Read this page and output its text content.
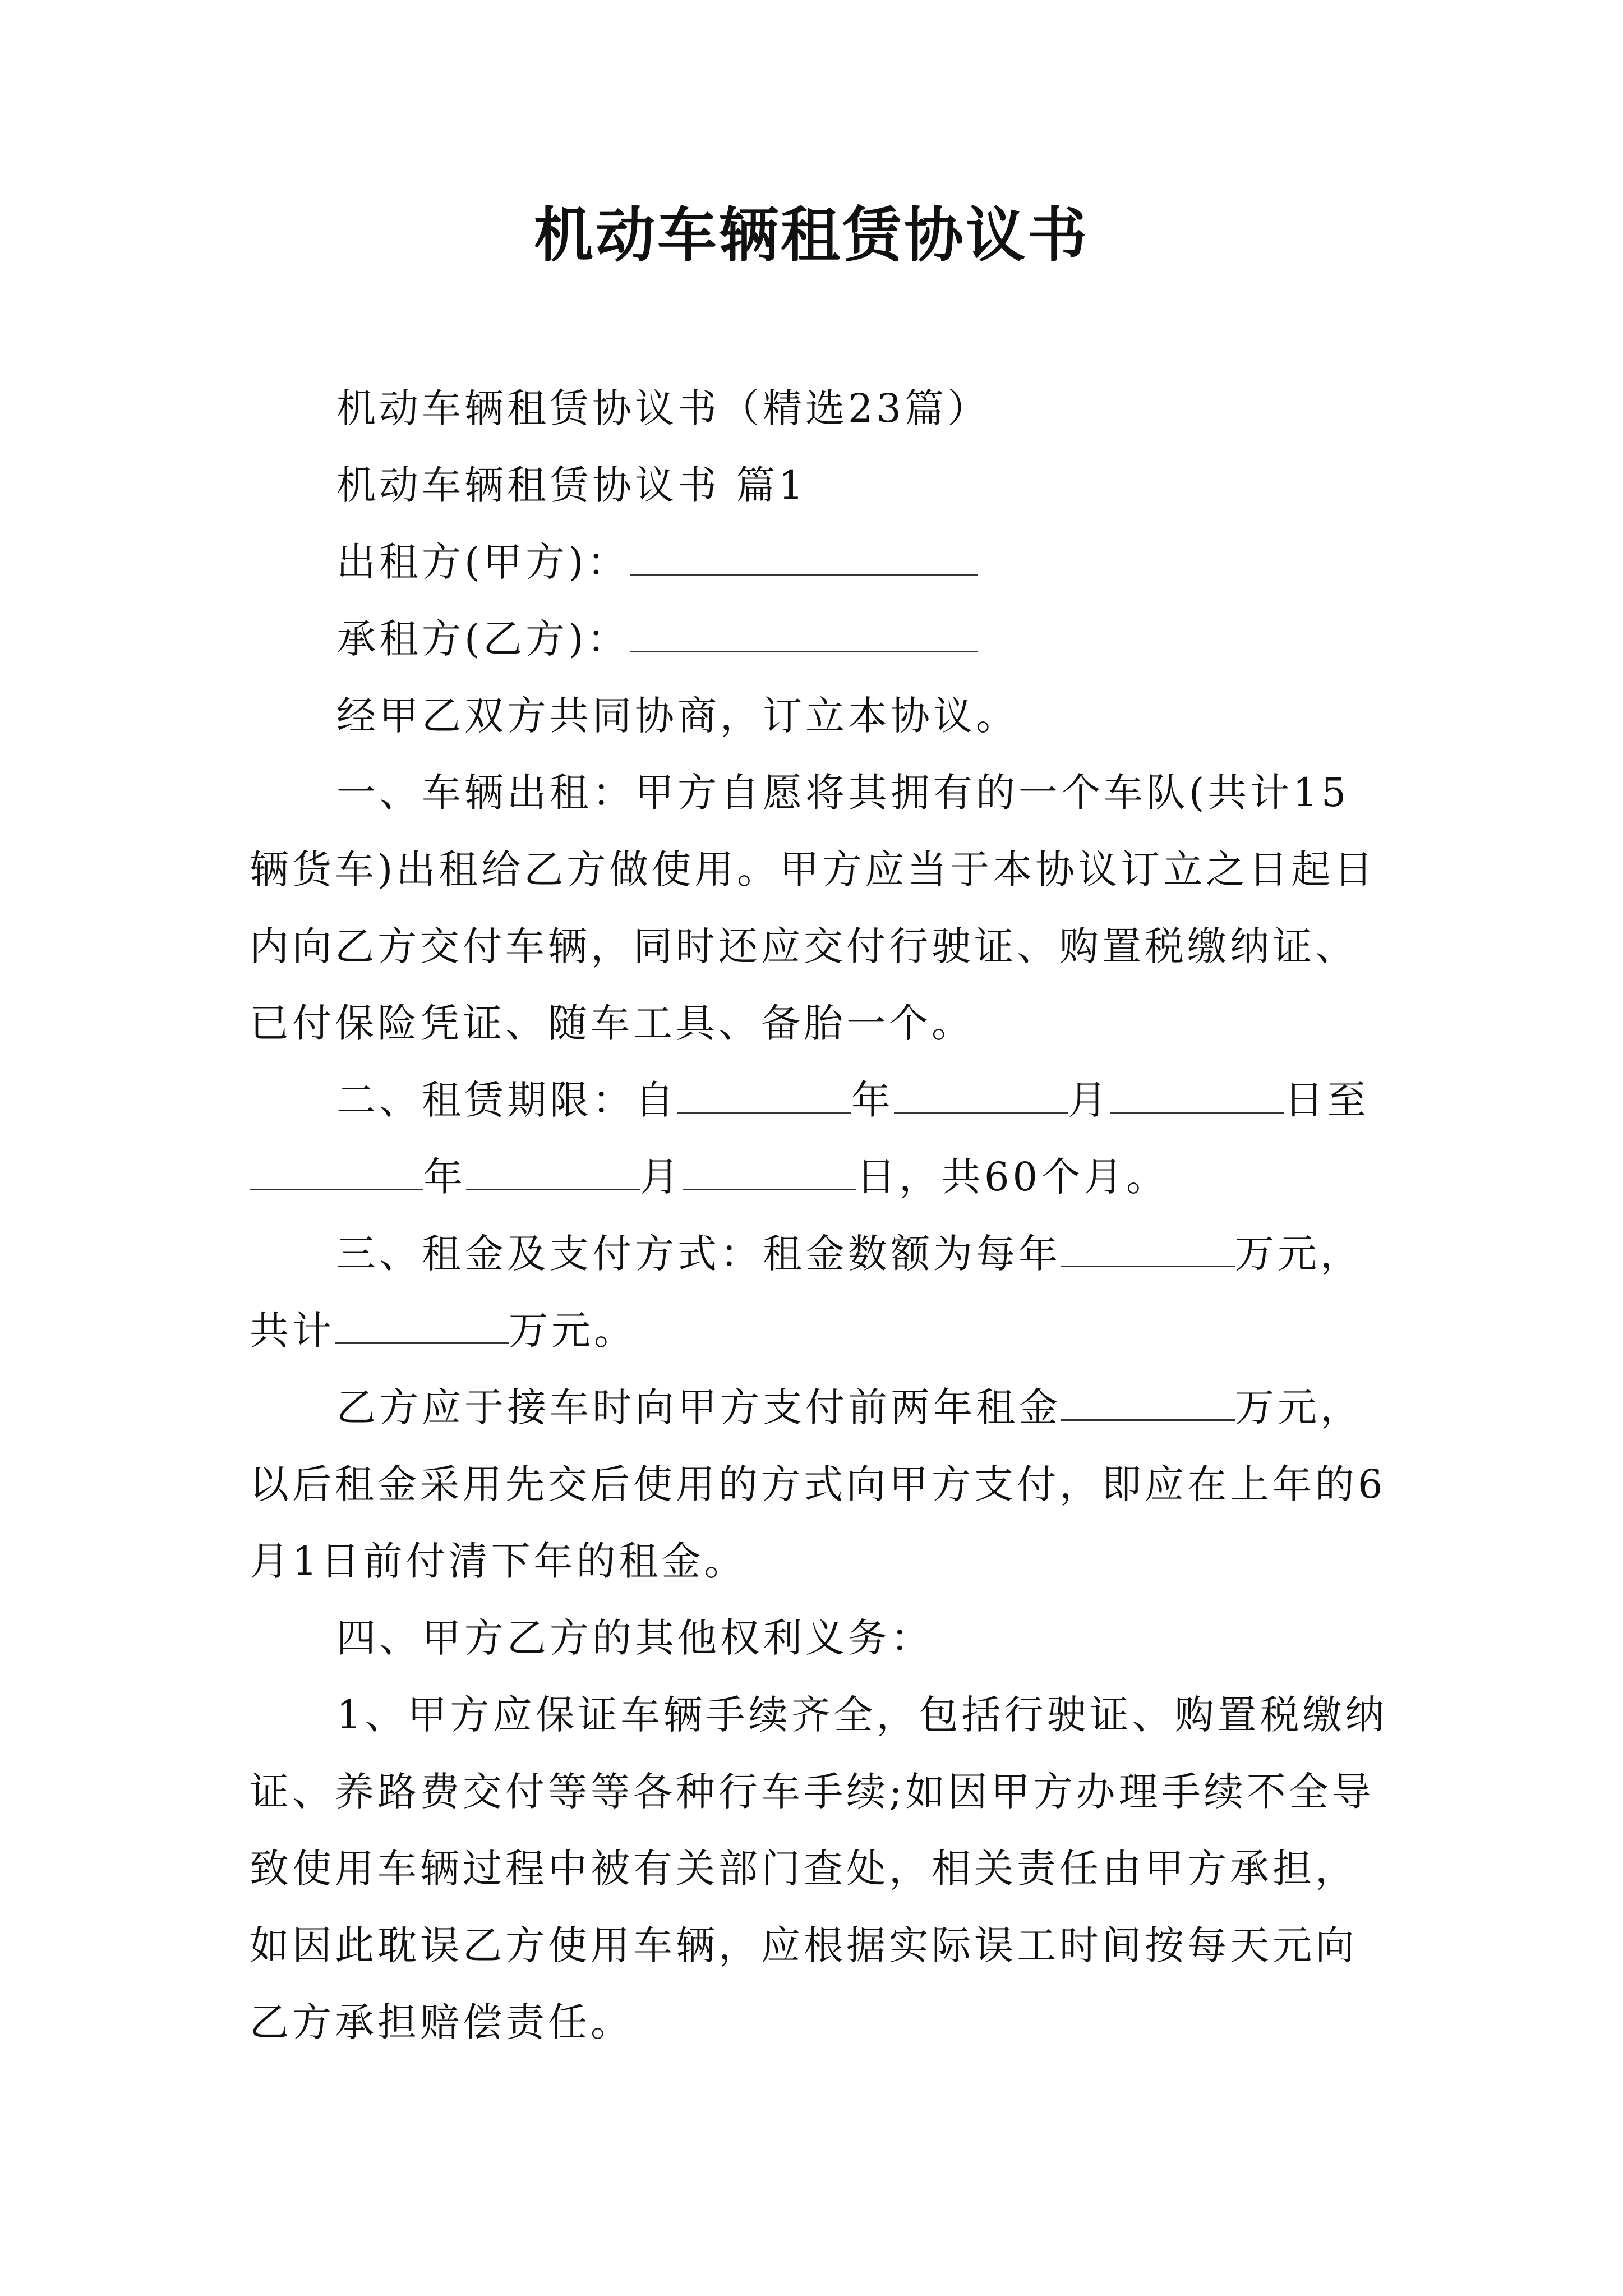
机动车辆租赁协议书

机动车辆租赁协议书（精选23篇）

机动车辆租赁协议书 篇1

出租方(甲方)：

承租方(乙方)：

经甲乙双方共同协商，订立本协议。

一、车辆出租：甲方自愿将其拥有的一个车队(共计15辆货车)出租给乙方做使用。甲方应当于本协议订立之日起日内向乙方交付车辆，同时还应交付行驶证、购置税缴纳证、已付保险凭证、随车工具、备胎一个。

二、租赁期限：自	年	月	日至年	月	日，共60个月。

三、租金及支付方式：租金数额为每年	万元，共计	万元。

乙方应于接车时向甲方支付前两年租金	万元，以后租金采用先交后使用的方式向甲方支付，即应在上年的6月1日前付清下年的租金。

四、甲方乙方的其他权利义务：

1、甲方应保证车辆手续齐全，包括行驶证、购置税缴纳证、养路费交付等等各种行车手续;如因甲方办理手续不全导致使用车辆过程中被有关部门查处，相关责任由甲方承担，如因此耽误乙方使用车辆，应根据实际误工时间按每天元向乙方承担赔偿责任。
